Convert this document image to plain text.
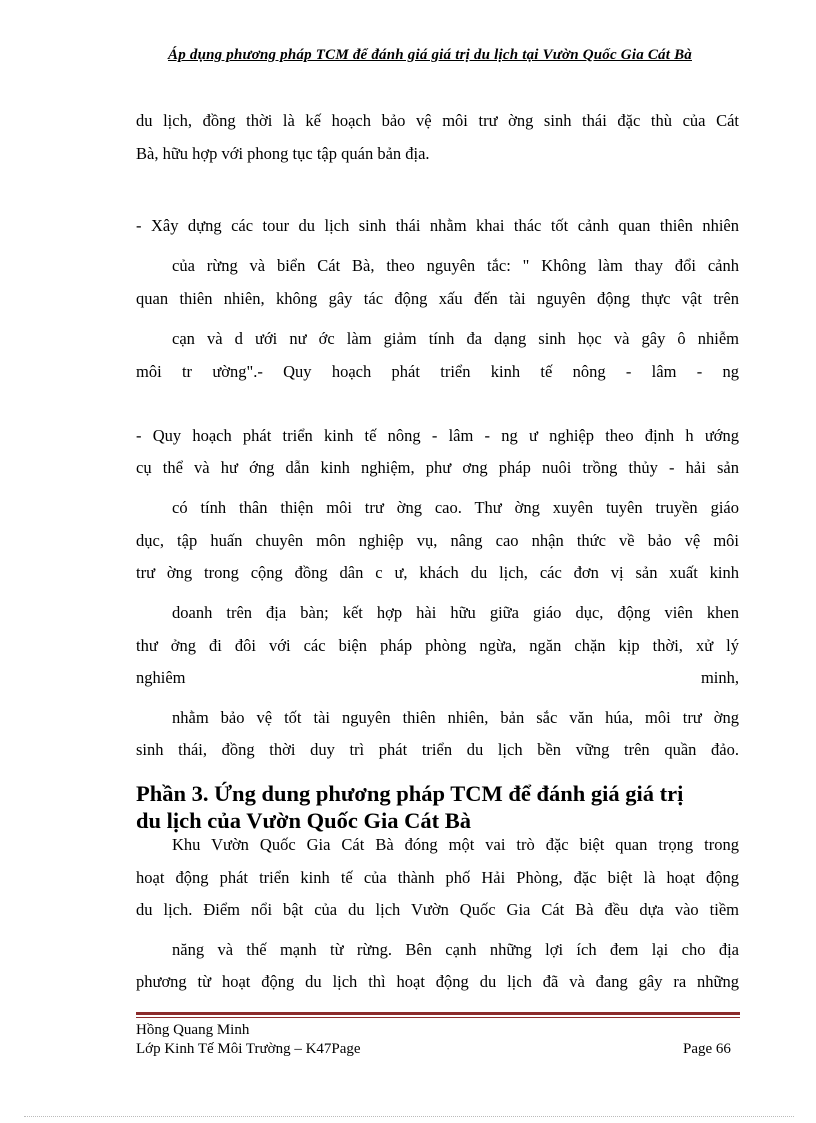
Áp dụng phương pháp TCM để đánh giá giá trị du lịch tại Vườn Quốc Gia Cát Bà
du lịch, đồng thời là kế hoạch bảo vệ môi trư ờng sinh thái đặc thù của Cát
Bà, hữu hợp với phong tục tập quán bản địa.
- Xây dựng các tour du lịch sinh thái nhằm khai thác tốt cảnh quan thiên nhiên
của rừng và biển Cát Bà, theo nguyên tắc: " Không làm thay đổi cảnh
quan thiên nhiên, không gây tác động xấu đến tài nguyên động thực vật trên
cạn và d ưới nư ớc làm giảm tính đa dạng sinh học và gây ô nhiễm
môi tr ường".- Quy hoạch phát triển kinh tế nông - lâm - ng
- Quy hoạch phát triển kinh tế nông - lâm - ng ư nghiệp theo định h ướng
cụ thể và hư ớng dẫn kinh nghiệm, phư ơng pháp nuôi trồng thủy - hải sản
có tính thân thiện môi trư ờng cao. Thư ờng xuyên tuyên truyền giáo
dục, tập huấn chuyên môn nghiệp vụ, nâng cao nhận thức về bảo vệ môi
trư ờng trong cộng đồng dân c ư, khách du lịch, các đơn vị sản xuất kinh
doanh trên địa bàn; kết hợp hài hữu giữa giáo dục, động viên khen
thư ởng đi đôi với các biện pháp phòng ngừa, ngăn chặn kịp thời, xử lý
nghiêm minh,
nhằm bảo vệ tốt tài nguyên thiên nhiên, bản sắc văn húa, môi trư ờng
sinh thái, đồng thời duy trì phát triển du lịch bền vững trên quần đảo.
Phần 3. Ứng dung phương pháp TCM để đánh giá giá trị
du lịch của Vườn Quốc Gia Cát Bà
Khu Vườn Quốc Gia Cát Bà đóng một vai trò đặc biệt quan trọng trong
hoạt động phát triển kinh tế của thành phố Hải Phòng, đặc biệt là hoạt động
du lịch. Điểm nổi bật của du lịch Vườn Quốc Gia Cát Bà đều dựa vào tiềm
năng và thế mạnh từ rừng. Bên cạnh những lợi ích đem lại cho địa
phương từ hoạt động du lịch thì hoạt động du lịch đã và đang gây ra những
Hồng Quang Minh
Lớp Kinh Tế Môi Trường – K47Page	Page 66
